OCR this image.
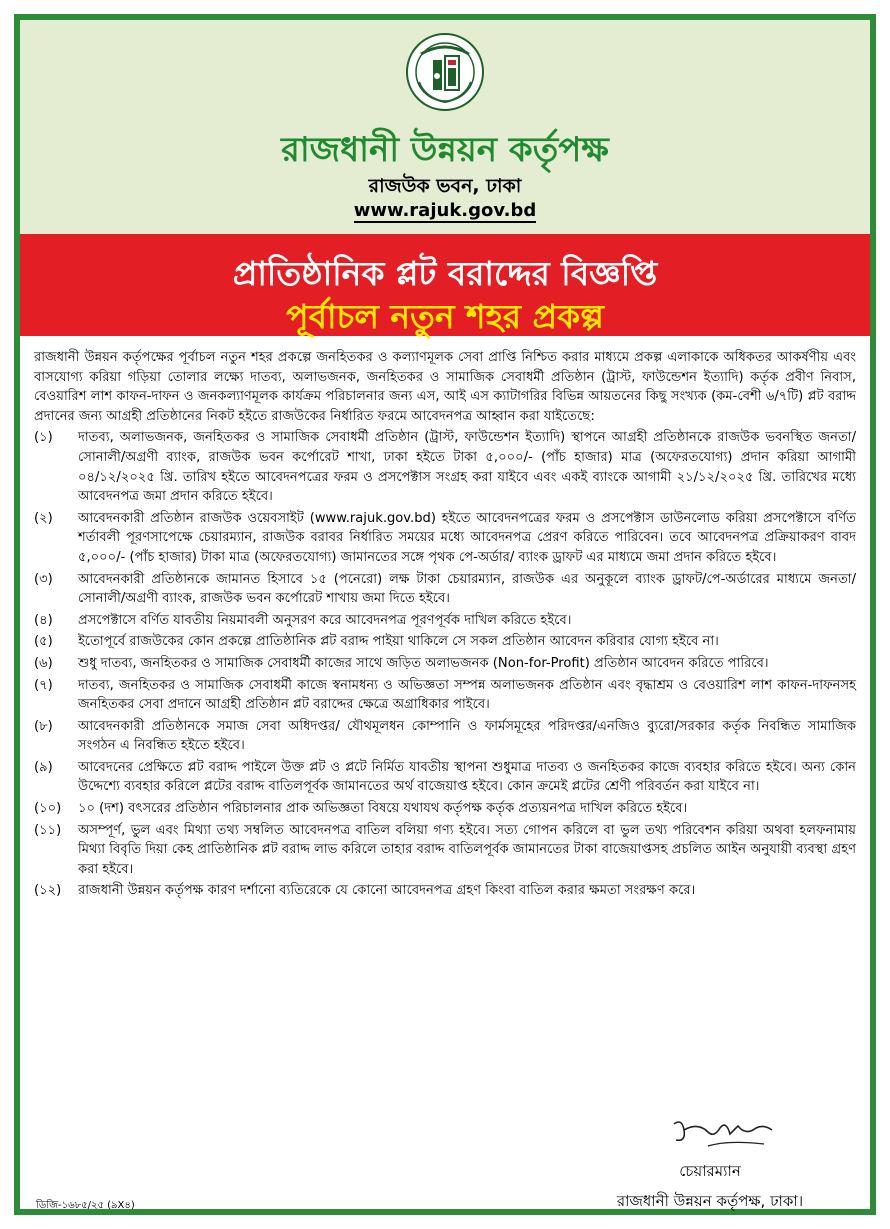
রাজধানী উন্নয়ন কর্তৃপক্ষ
রাজউক ভবন, ঢাকা
www.rajuk.gov.bd
প্রাতিষ্ঠানিক প্লট বরাদ্দের বিজ্ঞপ্তি
পূর্বাচল নতুন শহর প্রকল্প

রাজধানী উন্নয়ন কর্তৃপক্ষের পূর্বাচল নতুন শহর প্রকল্পে জনহিতকর ও কল্যাণমূলক সেবা প্রাপ্তি নিশ্চিত করার মাধ্যমে প্রকল্প এলাকাকে অধিকতর আকর্ষণীয় এবং বাসযোগ্য করিয়া গড়িয়া তোলার লক্ষ্যে দাতব্য, অলাভজনক, জনহিতকর ও সামাজিক সেবাধর্মী প্রতিষ্ঠান (ট্রাস্ট, ফাউন্ডেশন ইত্যাদি) কর্তৃক প্রবীণ নিবাস, বেওয়ারিশ লাশ কাফন-দাফন ও জনকল্যাণমূলক কার্যক্রম পরিচালনার জন্য এস, আই এস ক্যাটাগরির বিভিন্ন আয়তনের কিছু সংখ্যক (কম-বেশী ৬/৭টি) প্লট বরাদ্দ প্রদানের জন্য আগ্রহী প্রতিষ্ঠানের নিকট হইতে রাজউকের নির্ধারিত ফরমে আবেদনপত্র আহ্বান করা যাইতেছে:

(১)	দাতব্য, অলাভজনক, জনহিতকর ও সামাজিক সেবাধর্মী প্রতিষ্ঠান (ট্রাস্ট, ফাউন্ডেশন ইত্যাদি) স্থাপনে আগ্রহী প্রতিষ্ঠানকে রাজউক ভবনস্থিত জনতা/সোনালী/অগ্রণী ব্যাংক, রাজউক ভবন কর্পোরেট শাখা, ঢাকা হইতে টাকা ৫,০০০/- (পাঁচ হাজার) মাত্র (অফেরতযোগ্য) প্রদান করিয়া আগামী ০৪/১২/২০২৫ খ্রি. তারিখ হইতে আবেদনপত্রের ফরম ও প্রসপেক্টাস সংগ্রহ করা যাইবে এবং একই ব্যাংকে আগামী ২১/১২/২০২৫ খ্রি. তারিখের মধ্যে আবেদনপত্র জমা প্রদান করিতে হইবে।
(২)	আবেদনকারী প্রতিষ্ঠান রাজউক ওয়েবসাইট (www.rajuk.gov.bd) হইতে আবেদনপত্রের ফরম ও প্রসপেক্টাস ডাউনলোড করিয়া প্রসপেক্টাসে বর্ণিত শর্তাবলী পূরণসাপেক্ষে চেয়ারম্যান, রাজউক বরাবর নির্ধারিত সময়ের মধ্যে আবেদনপত্র প্রেরণ করিতে পারিবেন। তবে আবেদনপত্র প্রক্রিয়াকরণ বাবদ ৫,০০০/- (পাঁচ হাজার) টাকা মাত্র (অফেরতযোগ্য) জামানতের সঙ্গে পৃথক পে-অর্ডার/ ব্যাংক ড্রাফট এর মাধ্যমে জমা প্রদান করিতে হইবে।
(৩)	আবেদনকারী প্রতিষ্ঠানকে জামানত হিসাবে ১৫ (পনেরো) লক্ষ টাকা চেয়ারম্যান, রাজউক এর অনুকূলে ব্যাংক ড্রাফট/পে-অর্ডারের মাধ্যমে জনতা/সোনালী/অগ্রণী ব্যাংক, রাজউক ভবন কর্পোরেট শাখায় জমা দিতে হইবে।
(৪)	প্রসপেক্টাসে বর্ণিত যাবতীয় নিয়মাবলী অনুসরণ করে আবেদনপত্র পূরণপূর্বক দাখিল করিতে হইবে।
(৫)	ইতোপূর্বে রাজউকের কোন প্রকল্পে প্রাতিষ্ঠানিক প্লট বরাদ্দ পাইয়া থাকিলে সে সকল প্রতিষ্ঠান আবেদন করিবার যোগ্য হইবে না।
(৬)	শুধু দাতব্য, জনহিতকর ও সামাজিক সেবাধর্মী কাজের সাথে জড়িত অলাভজনক (Non-for-Profit) প্রতিষ্ঠান আবেদন করিতে পারিবে।
(৭)	দাতব্য, জনহিতকর ও সামাজিক সেবাধর্মী কাজে স্বনামধন্য ও অভিজ্ঞতা সম্পন্ন অলাভজনক প্রতিষ্ঠান এবং বৃদ্ধাশ্রম ও বেওয়ারিশ লাশ কাফন-দাফনসহ জনহিতকর সেবা প্রদানে আগ্রহী প্রতিষ্ঠান প্লট বরাদ্দের ক্ষেত্রে অগ্রাধিকার পাইবে।
(৮)	আবেদনকারী প্রতিষ্ঠানকে সমাজ সেবা অধিদপ্তর/ যৌথমূলধন কোম্পানি ও ফার্মসমূহের পরিদপ্তর/এনজিও ব্যুরো/সরকার কর্তৃক নিবন্ধিত সামাজিক সংগঠন এ নিবন্ধিত হইতে হইবে।
(৯)	আবেদনের প্রেক্ষিতে প্লট বরাদ্দ পাইলে উক্ত প্লট ও প্লটে নির্মিত যাবতীয় স্থাপনা শুধুমাত্র দাতব্য ও জনহিতকর কাজে ব্যবহার করিতে হইবে। অন্য কোন উদ্দেশ্যে ব্যবহার করিলে প্লটের বরাদ্দ বাতিলপূর্বক জামানতের অর্থ বাজেয়াপ্ত হইবে। কোন ক্রমেই প্লটের শ্রেণী পরিবর্তন করা যাইবে না।
(১০)	১০ (দশ) বৎসরের প্রতিষ্ঠান পরিচালনার প্রাক অভিজ্ঞতা বিষয়ে যথাযথ কর্তৃপক্ষ কর্তৃক প্রত্যয়নপত্র দাখিল করিতে হইবে।
(১১)	অসম্পূর্ণ, ভুল এবং মিথ্যা তথ্য সম্বলিত আবেদনপত্র বাতিল বলিয়া গণ্য হইবে। সত্য গোপন করিলে বা ভুল তথ্য পরিবেশন করিয়া অথবা হলফনামায় মিথ্যা বিবৃতি দিয়া কেহ প্রাতিষ্ঠানিক প্লট বরাদ্দ লাভ করিলে তাহার বরাদ্দ বাতিলপূর্বক জামানতের টাকা বাজেয়াপ্তসহ প্রচলিত আইন অনুযায়ী ব্যবস্থা গ্রহণ করা হইবে।
(১২)	রাজধানী উন্নয়ন কর্তৃপক্ষ কারণ দর্শানো ব্যতিরেকে যে কোনো আবেদনপত্র গ্রহণ কিংবা বাতিল করার ক্ষমতা সংরক্ষণ করে।
চেয়ারম্যান
রাজধানী উন্নয়ন কর্তৃপক্ষ, ঢাকা।
ডিজি-১৬৮৫/২৫ (৯X৪)
